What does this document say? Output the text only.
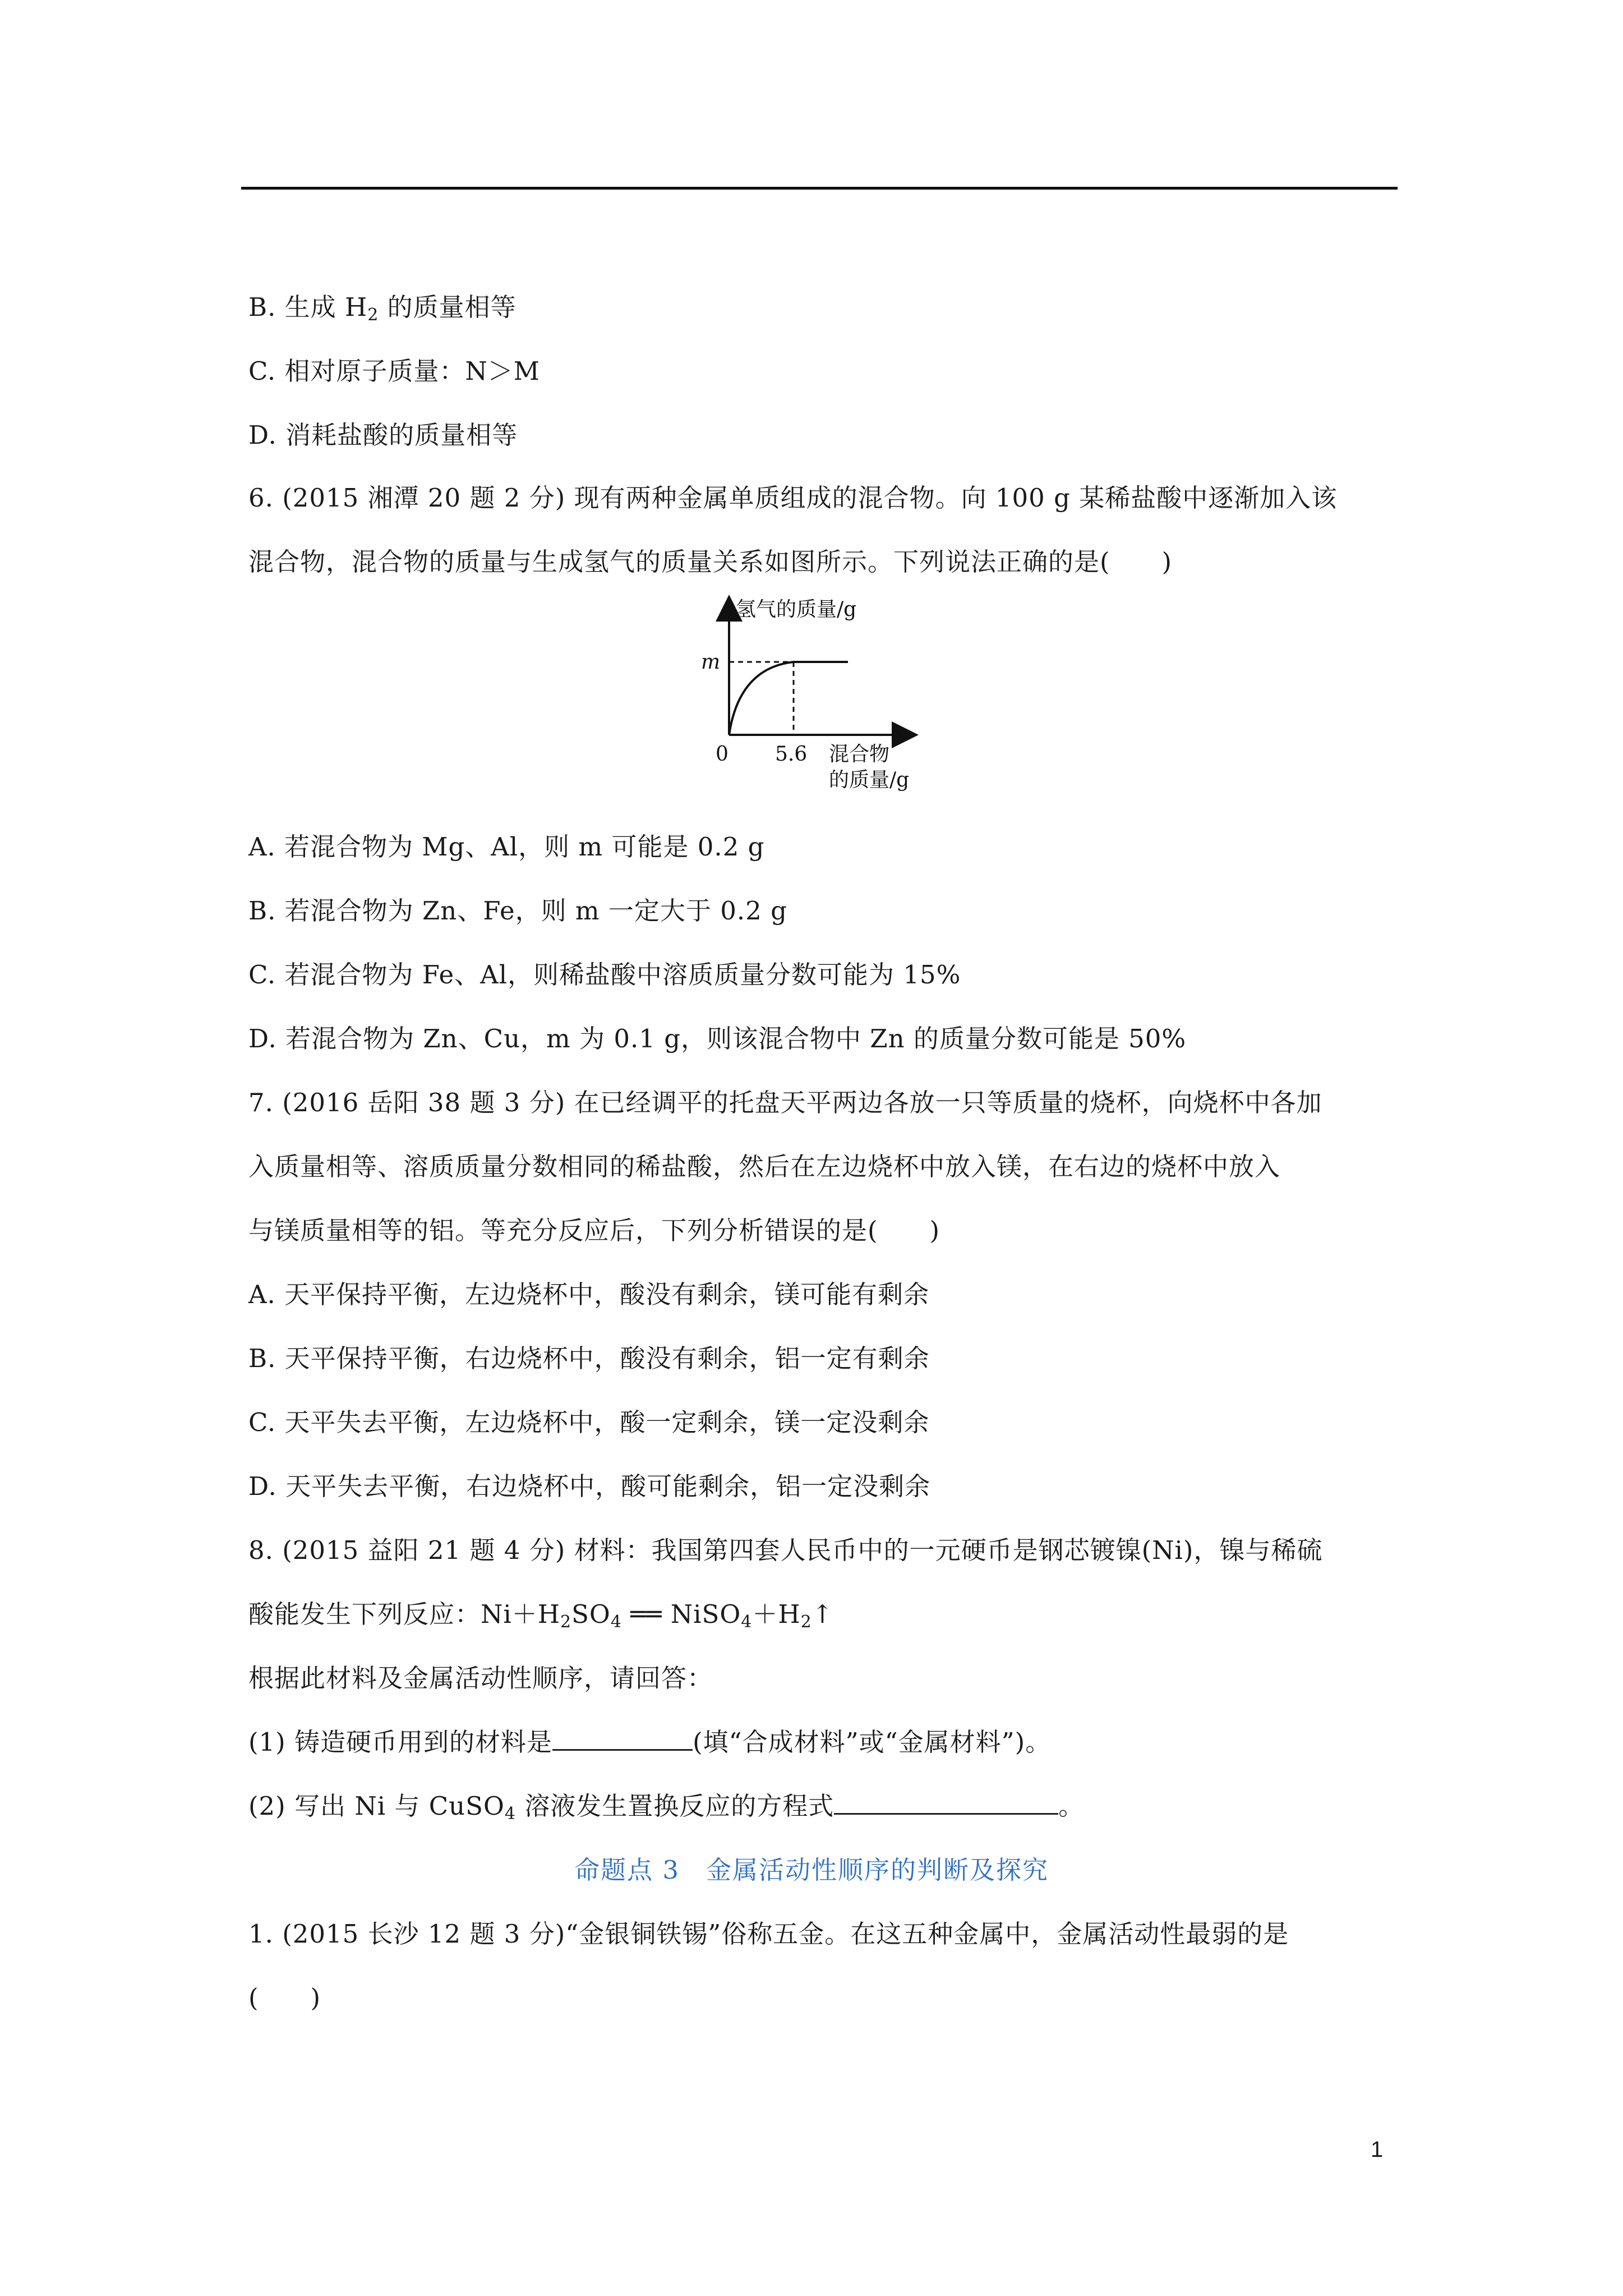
B. 生成 $H_2$ 的质量相等
C. 相对原子质量：N＞M
D. 消耗盐酸的质量相等
6. (2015 湘潭 20 题 2 分) 现有两种金属单质组成的混合物。向 100 g 某稀盐酸中逐渐加入该
混合物，混合物的质量与生成氢气的质量关系如图所示。下列说法正确的是(　　)
氢气的质量/g
m
0 5.6 混合物
的质量/g
A. 若混合物为 Mg、Al，则 m 可能是 0.2 g
B. 若混合物为 Zn、Fe，则 m 一定大于 0.2 g
C. 若混合物为 Fe、Al，则稀盐酸中溶质质量分数可能为 15%
D. 若混合物为 Zn、Cu，m 为 0.1 g，则该混合物中 Zn 的质量分数可能是 50%
7. (2016 岳阳 38 题 3 分) 在已经调平的托盘天平两边各放一只等质量的烧杯，向烧杯中各加
入质量相等、溶质质量分数相同的稀盐酸，然后在左边烧杯中放入镁，在右边的烧杯中放入
与镁质量相等的铝。等充分反应后，下列分析错误的是(　　)
A. 天平保持平衡，左边烧杯中，酸没有剩余，镁可能有剩余
B. 天平保持平衡，右边烧杯中，酸没有剩余，铝一定有剩余
C. 天平失去平衡，左边烧杯中，酸一定剩余，镁一定没剩余
D. 天平失去平衡，右边烧杯中，酸可能剩余，铝一定没剩余
8. (2015 益阳 21 题 4 分) 材料：我国第四套人民币中的一元硬币是钢芯镀镍(Ni)，镍与稀硫
酸能发生下列反应：$Ni+H_2SO_4$ ══ $NiSO_4+H_2↑$
根据此材料及金属活动性顺序，请回答：
(1) 铸造硬币用到的材料是	(填“合成材料”或“金属材料”)。
(2) 写出 Ni 与 CuSO$_4$ 溶液发生置换反应的方程式	。
命题点 3　金属活动性顺序的判断及探究
1. (2015 长沙 12 题 3 分)“金银铜铁锡”俗称五金。在这五种金属中，金属活动性最弱的是
(　　)
1
